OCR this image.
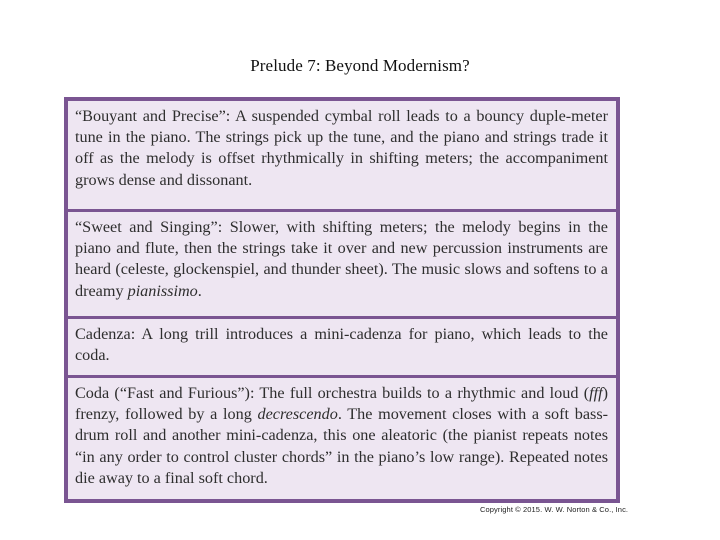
Prelude 7: Beyond Modernism?

“Bouyant and Precise”: A suspended cymbal roll leads to a bouncy duple-meter tune in the piano. The strings pick up the tune, and the piano and strings trade it off as the melody is offset rhythmically in shifting meters; the accompaniment grows dense and dissonant.

“Sweet and Singing”: Slower, with shifting meters; the melody begins in the piano and flute, then the strings take it over and new percussion instruments are heard (celeste, glockenspiel, and thunder sheet). The music slows and softens to a dreamy pianissimo.

Cadenza: A long trill introduces a mini-cadenza for piano, which leads to the coda.

Coda (“Fast and Furious”): The full orchestra builds to a rhythmic and loud (fff) frenzy, followed by a long decrescendo. The movement closes with a soft bass-drum roll and another mini-cadenza, this one aleatoric (the pianist repeats notes “in any order to control cluster chords” in the piano’s low range). Repeated notes die away to a final soft chord.

Copyright © 2015. W. W. Norton & Co., Inc.
